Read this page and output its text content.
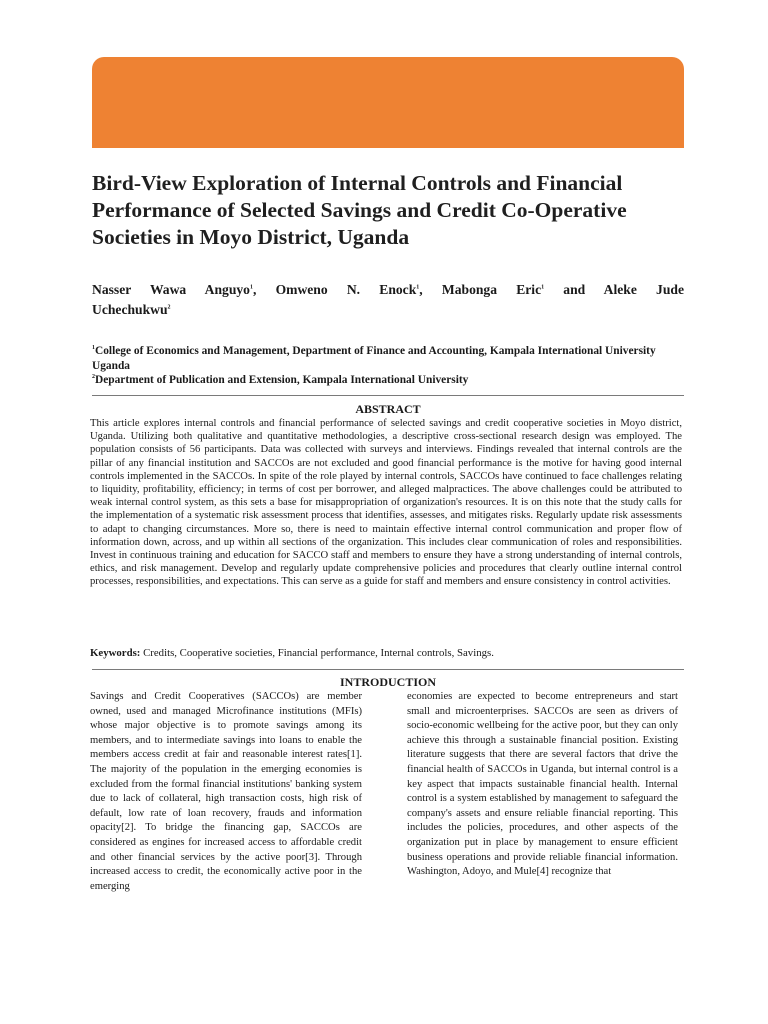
Bird-View Exploration of Internal Controls and Financial Performance of Selected Savings and Credit Co-Operative Societies in Moyo District, Uganda

Nasser Wawa Anguyo$^1$, Omweno N. Enock$^1$, Mabonga Eric$^1$ and Aleke Jude

Uchechukwu$^2$

$^1$College of Economics and Management, Department of Finance and Accounting, Kampala International University Uganda

$^2$Department of Publication and Extension, Kampala International University

ABSTRACT

This article explores internal controls and financial performance of selected savings and credit cooperative societies in Moyo district, Uganda. Utilizing both qualitative and quantitative methodologies, a descriptive cross-sectional research design was employed. The population consists of 56 participants. Data was collected with surveys and interviews. Findings revealed that internal controls are the pillar of any financial institution and SACCOs are not excluded and good financial performance is the motive for having good internal controls implemented in the SACCOs. In spite of the role played by internal controls, SACCOs have continued to face challenges relating to liquidity, profitability, efficiency; in terms of cost per borrower, and alleged malpractices. The above challenges could be attributed to weak internal control system, as this sets a base for misappropriation of organization's resources. It is on this note that the study calls for the implementation of a systematic risk assessment process that identifies, assesses, and mitigates risks. Regularly update risk assessments to adapt to changing circumstances. More so, there is need to maintain effective internal control communication and proper flow of information down, across, and up within all sections of the organization. This includes clear communication of roles and responsibilities. Invest in continuous training and education for SACCO staff and members to ensure they have a strong understanding of internal controls, ethics, and risk management. Develop and regularly update comprehensive policies and procedures that clearly outline internal control processes, responsibilities, and expectations. This can serve as a guide for staff and members and ensure consistency in control activities.

Keywords: Credits, Cooperative societies, Financial performance, Internal controls, Savings.

INTRODUCTION

Savings and Credit Cooperatives (SACCOs) are member owned, used and managed Microfinance institutions (MFIs) whose major objective is to promote savings among its members, and to intermediate savings into loans to enable the members access credit at fair and reasonable interest rates[1]. The majority of the population in the emerging economies is excluded from the formal financial institutions' banking system due to lack of collateral, high transaction costs, high risk of default, low rate of loan recovery, frauds and information opacity[2]. To bridge the financing gap, SACCOs are considered as engines for increased access to affordable credit and other financial services by the active poor[3]. Through increased access to credit, the economically active poor in the emerging

economies are expected to become entrepreneurs and start small and microenterprises. SACCOs are seen as drivers of socio-economic wellbeing for the active poor, but they can only achieve this through a sustainable financial position. Existing literature suggests that there are several factors that drive the financial health of SACCOs in Uganda, but internal control is a key aspect that impacts sustainable financial health. Internal control is a system established by management to safeguard the company's assets and ensure reliable financial reporting. This includes the policies, procedures, and other aspects of the organization put in place by management to ensure efficient business operations and provide reliable financial information. Washington, Adoyo, and Mule[4] recognize that
